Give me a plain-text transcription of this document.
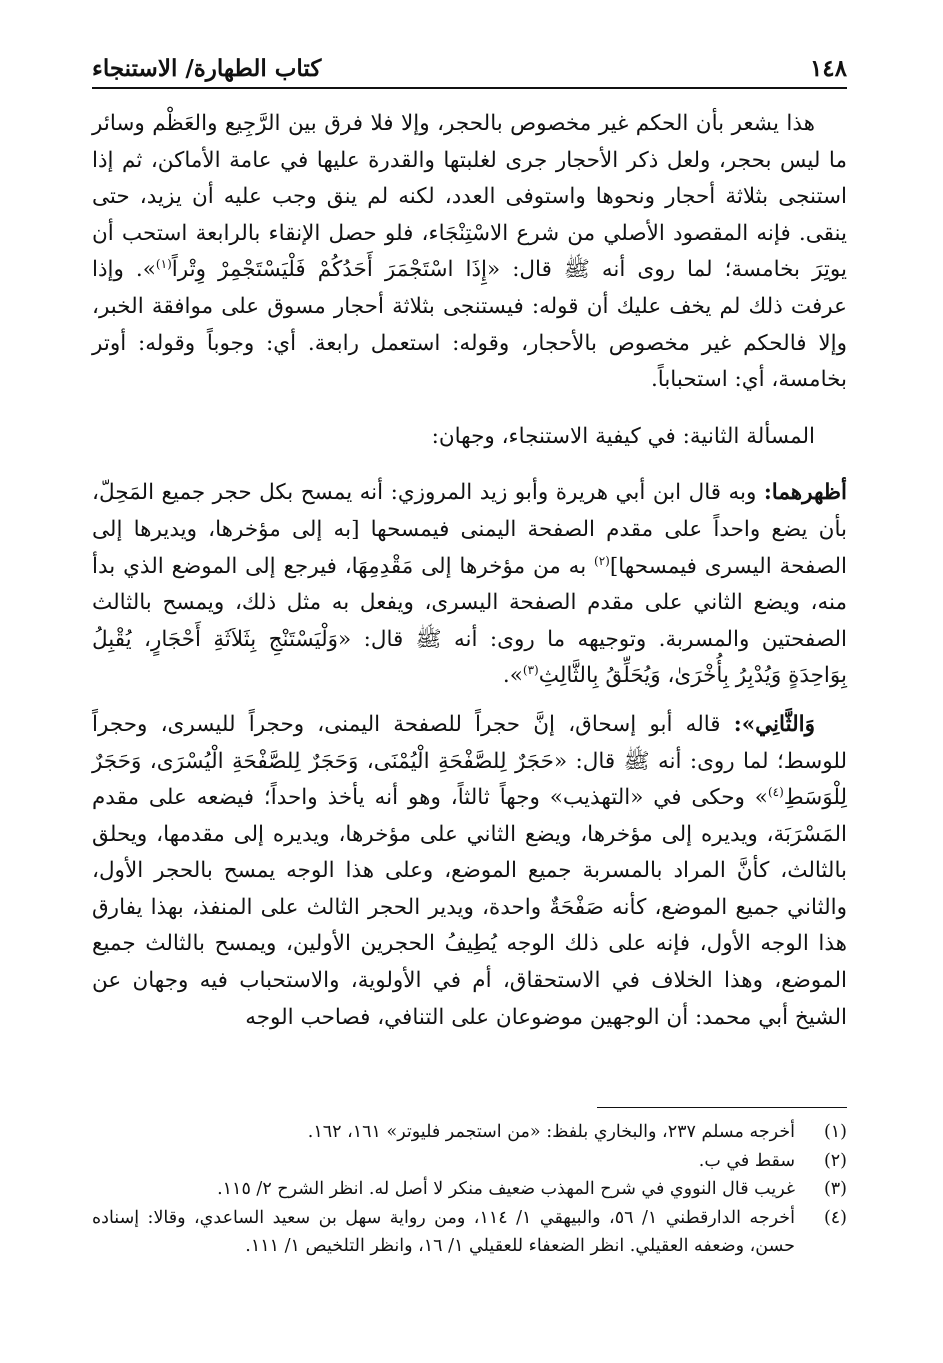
١٤٨
كتاب الطهارة/ الاستنجاء

هذا يشعر بأن الحكم غير مخصوص بالحجر، وإلا فلا فرق بين الرَّجِيع والعَظْم وسائر ما ليس بحجر، ولعل ذكر الأحجار جرى لغلبتها والقدرة عليها في عامة الأماكن، ثم إذا استنجى بثلاثة أحجار ونحوها واستوفى العدد، لكنه لم ينق وجب عليه أن يزيد، حتى ينقى. فإنه المقصود الأصلي من شرع الاسْتِنْجَاء، فلو حصل الإنقاء بالرابعة استحب أن يوتِرَ بخامسة؛ لما روى أنه ﷺ قال: «إِذَا اسْتَجْمَرَ أَحَدُكُمْ فَلْيَسْتَجْمِرْ وِتْراً$^{(١)}$». وإذا عرفت ذلك لم يخف عليك أن قوله: فيستنجى بثلاثة أحجار مسوق على موافقة الخبر، وإلا فالحكم غير مخصوص بالأحجار، وقوله: استعمل رابعة. أي: وجوباً وقوله: أوتر بخامسة، أي: استحباباً.

المسألة الثانية: في كيفية الاستنجاء، وجهان:

أظهرهما: وبه قال ابن أبي هريرة وأبو زيد المروزي: أنه يمسح بكل حجر جميع المَحِلّ، بأن يضع واحداً على مقدم الصفحة اليمنى فيمسحها [به إلى مؤخرها، ويديرها إلى الصفحة اليسرى فيمسحها]$^{(٢)}$ به من مؤخرها إلى مَقْدِمِهَا، فيرجع إلى الموضع الذي بدأ منه، ويضع الثاني على مقدم الصفحة اليسرى، ويفعل به مثل ذلك، ويمسح بالثالث الصفحتين والمسربة. وتوجيهه ما روى: أنه ﷺ قال: «وَلْيَسْتَنْجِ بِثَلاَثَةِ أَحْجَارٍ، يُقْبِلُ بِوَاحِدَةٍ وَيُدْبِرُ بِأُخْرَىٰ، وَيُحَلِّقُ بِالثَّالِثِ$^{(٣)}$».

وَالثَّانِي»: قاله أبو إسحاق، إنَّ حجراً للصفحة اليمنى، وحجراً لليسرى، وحجراً للوسط؛ لما روى: أنه ﷺ قال: «حَجَرٌ لِلصَّفْحَةِ الْيُمْنَى، وَحَجَرٌ لِلصَّفْحَةِ الْيُسْرَى، وَحَجَرٌ لِلْوَسَطِ$^{(٤)}$» وحكى في «التهذيب» وجهاً ثالثاً، وهو أنه يأخذ واحداً؛ فيضعه على مقدم المَسْرَبَة، ويديره إلى مؤخرها، ويضع الثاني على مؤخرها، ويديره إلى مقدمها، ويحلق بالثالث، كأنَّ المراد بالمسربة جميع الموضع، وعلى هذا الوجه يمسح بالحجر الأول، والثاني جميع الموضع، كأنه صَفْحَةٌ واحدة، ويدير الحجر الثالث على المنفذ، بهذا يفارق هذا الوجه الأول، فإنه على ذلك الوجه يُطِيفُ الحجرين الأولين، ويمسح بالثالث جميع الموضع، وهذا الخلاف في الاستحقاق، أم في الأولوية، والاستحباب فيه وجهان عن الشيخ أبي محمد: أن الوجهين موضوعان على التنافي، فصاحب الوجه

(١)
أخرجه مسلم ٢٣٧، والبخاري بلفظ: «من استجمر فليوتر» ١٦١، ١٦٢.
(٢)
سقط في ب.
(٣)
غريب قال النووي في شرح المهذب ضعيف منكر لا أصل له. انظر الشرح ٢/ ١١٥.
(٤)
أخرجه الدارقطني ١/ ٥٦، والبيهقي ١/ ١١٤، ومن رواية سهل بن سعيد الساعدي، وقالا: إسناده حسن، وضعفه العقيلي. انظر الضعفاء للعقيلي ١/ ١٦، وانظر التلخيص ١/ ١١١.
